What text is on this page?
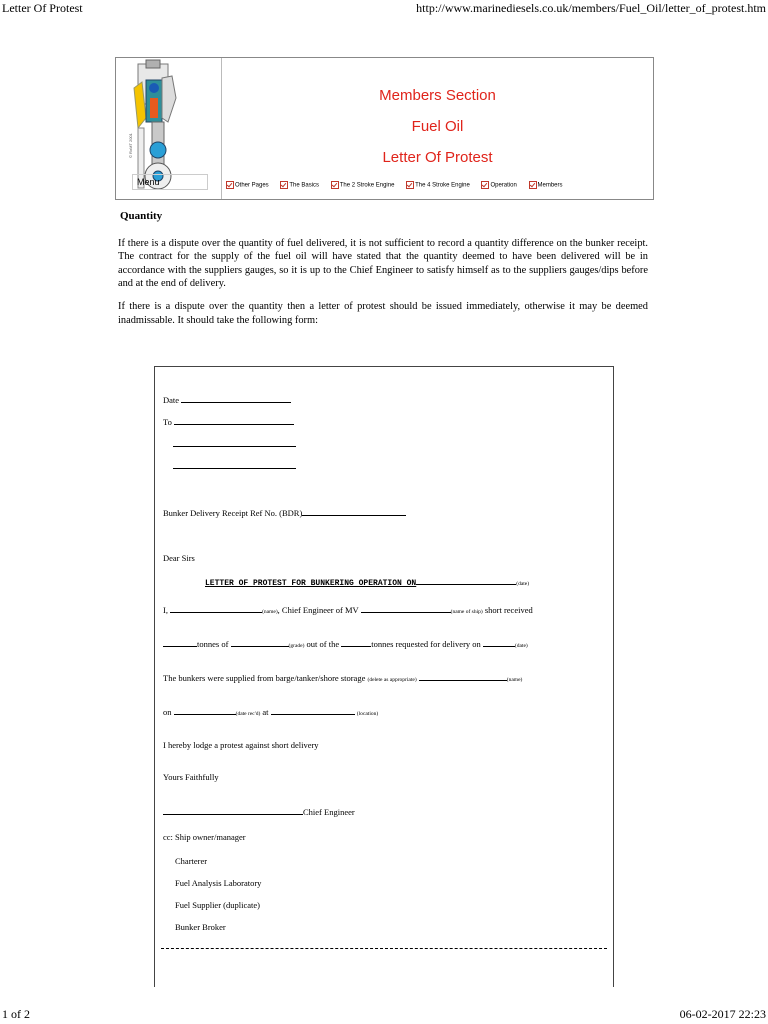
Letter Of Protest	http://www.marinediesels.co.uk/members/Fuel_Oil/letter_of_protest.htm
© RoMT 2001
Menu
Members Section
Fuel Oil
Letter Of Protest
Other Pages	The Basics	The 2 Stroke Engine	The 4 Stroke Engine	Operation	Members
Quantity

If there is a dispute over the quantity of fuel delivered, it is not sufficient to record a quantity difference on the bunker receipt. The contract for the supply of the fuel oil will have stated that the quantity deemed to have been delivered will be in accordance with the suppliers gauges, so it is up to the Chief Engineer to satisfy himself as to the suppliers gauges/dips before and at the end of delivery.

If there is a dispute over the quantity then a letter of protest should be issued immediately, otherwise it may be deemed inadmissable. It should take the following form:

Date
To
Bunker Delivery Receipt Ref No. (BDR)
Dear Sirs
LETTER OF PROTEST FOR BUNKERING OPERATION ON	(date)
I,	(name), Chief Engineer of MV	(name of ship) short received
tonnes of	(grade) out of the	tonnes requested for delivery on	(date)
The bunkers were supplied from barge/tanker/shore storage (delete as appropriate)	(name)
on	(date rec'd) at	(location)
I hereby lodge a protest against short delivery
Yours Faithfully
Chief Engineer
cc: Ship owner/manager
Charterer
Fuel Analysis Laboratory
Fuel Supplier (duplicate)
Bunker Broker
1 of 2	06-02-2017 22:23
